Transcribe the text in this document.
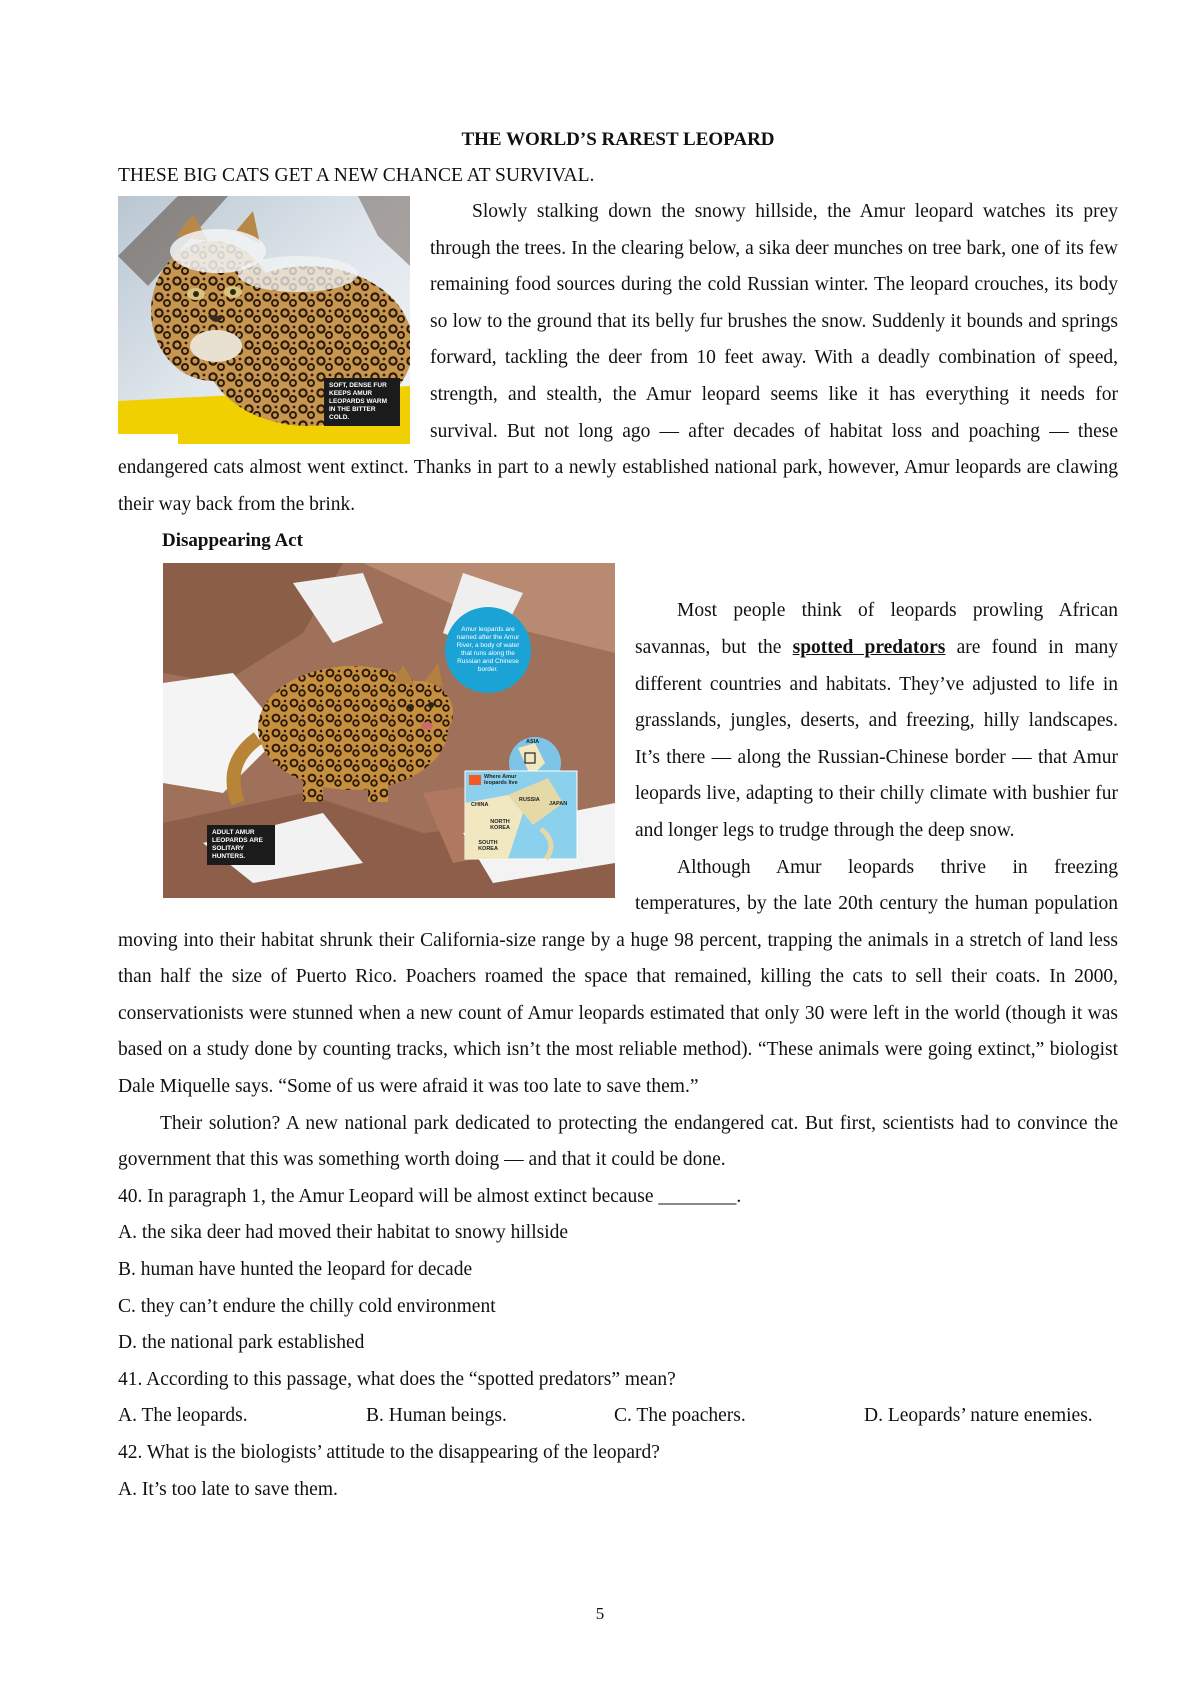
THE WORLD’S RAREST LEOPARD
THESE BIG CATS GET A NEW CHANCE AT SURVIVAL.
SOFT, DENSE FUR KEEPS AMUR LEOPARDS WARM IN THE BITTER COLD.

Slowly stalking down the snowy hillside, the Amur leopard watches its prey through the trees. In the clearing below, a sika deer munches on tree bark, one of its few remaining food sources during the cold Russian winter. The leopard crouches, its body so low to the ground that its belly fur brushes the snow. Suddenly it bounds and springs forward, tackling the deer from 10 feet away. With a deadly combination of speed, strength, and stealth, the Amur leopard seems like it has everything it needs for survival. But not long ago — after decades of habitat loss and poaching — these endangered cats almost went extinct. Thanks in part to a newly established national park, however, Amur leopards are clawing their way back from the brink.

Disappearing Act
Amur leopards are named after the Amur River, a body of water that runs along the Russian and Chinese border.
ADULT AMUR LEOPARDS ARE SOLITARY HUNTERS.
Where Amur leopards live
CHINA
RUSSIA
NORTH KOREA
SOUTH KOREA
JAPAN
ASIA

Most people think of leopards prowling African savannas, but the spotted predators are found in many different countries and habitats. They’ve adjusted to life in grasslands, jungles, deserts, and freezing, hilly landscapes. It’s there — along the Russian-Chinese border — that Amur leopards live, adapting to their chilly climate with bushier fur and longer legs to trudge through the deep snow.

Although Amur leopards thrive in freezing temperatures, by the late 20th century the human population moving into their habitat shrunk their California-size range by a huge 98 percent, trapping the animals in a stretch of land less than half the size of Puerto Rico. Poachers roamed the space that remained, killing the cats to sell their coats. In 2000, conservationists were stunned when a new count of Amur leopards estimated that only 30 were left in the world (though it was based on a study done by counting tracks, which isn’t the most reliable method). “These animals were going extinct,” biologist Dale Miquelle says. “Some of us were afraid it was too late to save them.”

Their solution? A new national park dedicated to protecting the endangered cat. But first, scientists had to convince the government that this was something worth doing — and that it could be done.

40. In paragraph 1, the Amur Leopard will be almost extinct because ________.

A. the sika deer had moved their habitat to snowy hillside

B. human have hunted the leopard for decade

C. they can’t endure the chilly cold environment

D. the national park established

41. According to this passage, what does the “spotted predators” mean?

A. The leopards.	B. Human beings.	C. The poachers.	D. Leopards’ nature enemies.

42. What is the biologists’ attitude to the disappearing of the leopard?

A. It’s too late to save them.

5
